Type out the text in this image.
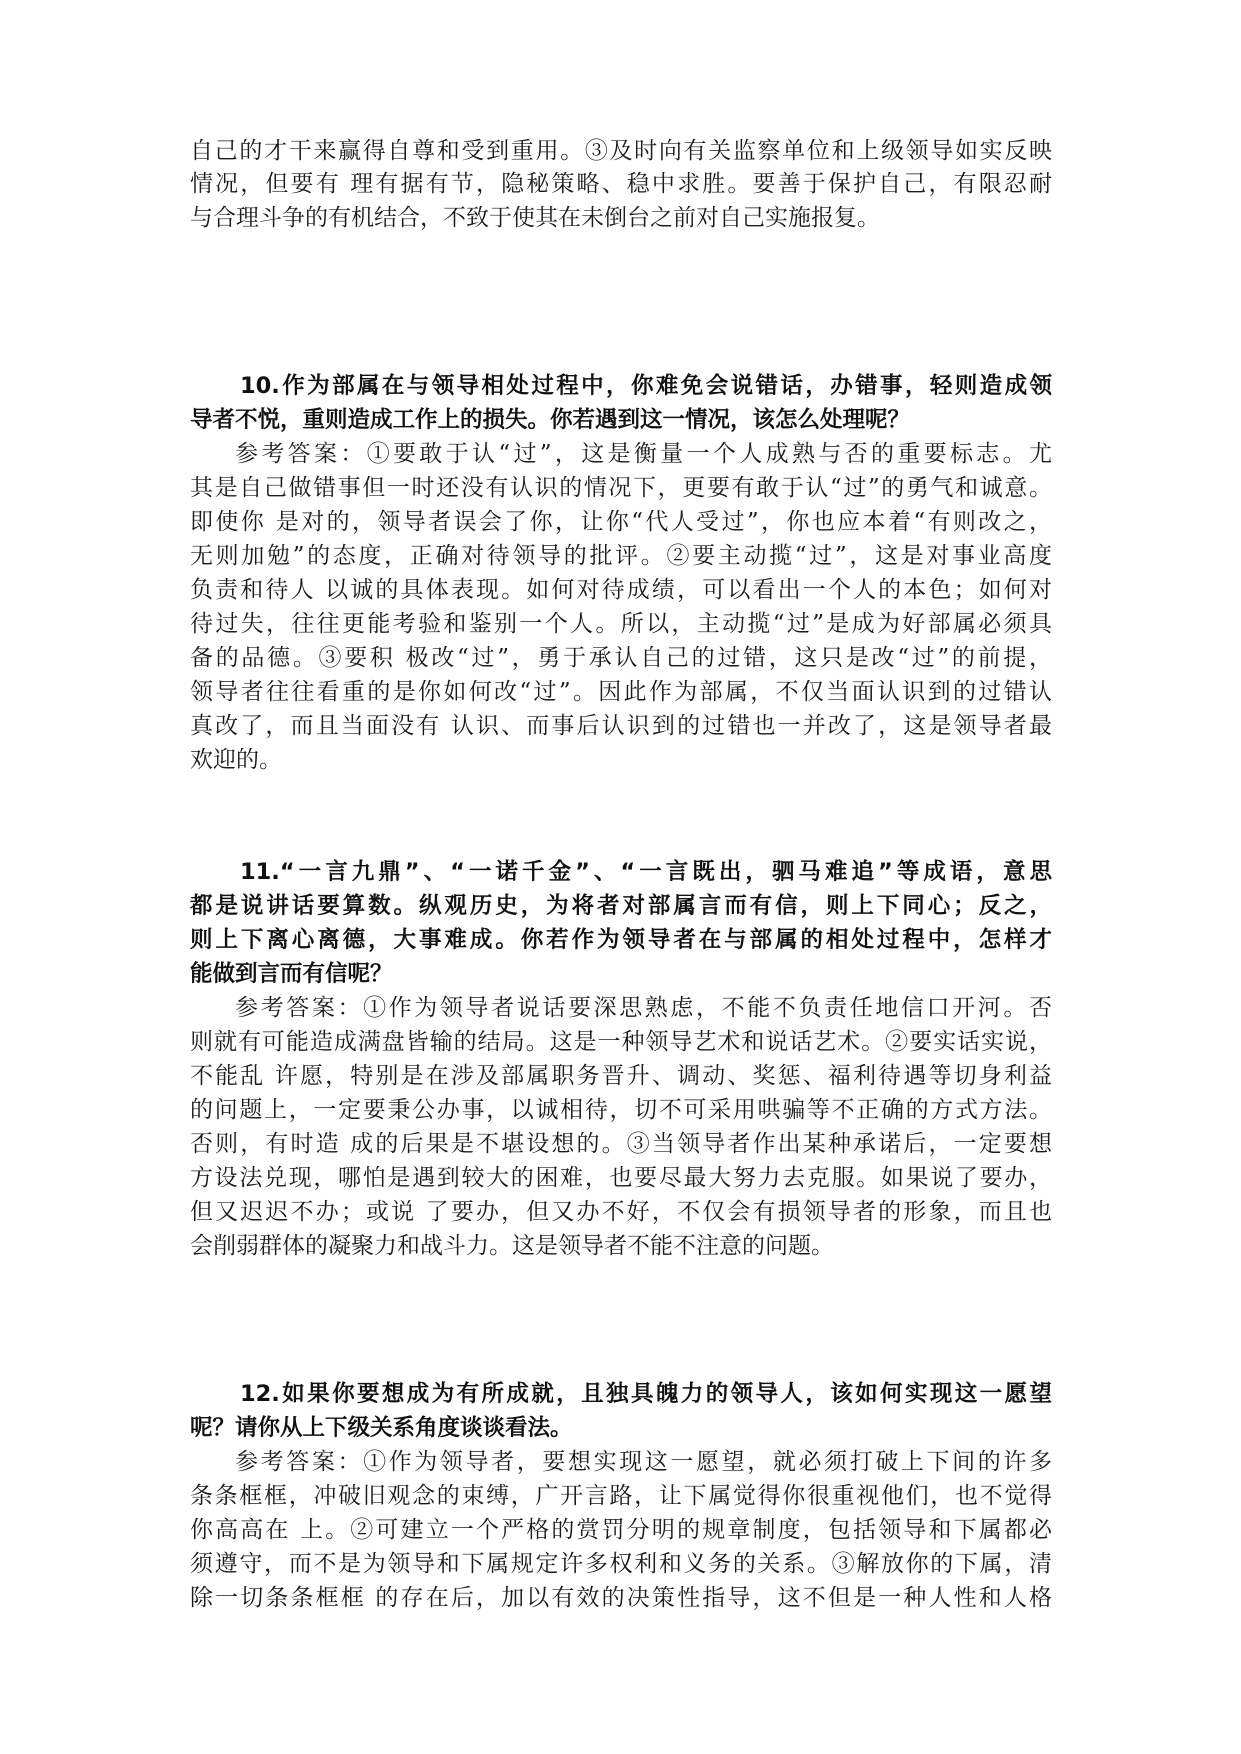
自己的才干来赢得自尊和受到重用。③及时向有关监察单位和上级领导如实反映

情况，但要有 理有据有节，隐秘策略、稳中求胜。要善于保护自己，有限忍耐

与合理斗争的有机结合，不致于使其在未倒台之前对自己实施报复。

10.作为部属在与领导相处过程中，你难免会说错话，办错事，轻则造成领

导者不悦，重则造成工作上的损失。你若遇到这一情况，该怎么处理呢？

参考答案：①要敢于认“过”，这是衡量一个人成熟与否的重要标志。尤

其是自己做错事但一时还没有认识的情况下，更要有敢于认“过”的勇气和诚意。

即使你 是对的，领导者误会了你，让你“代人受过”，你也应本着“有则改之，

无则加勉”的态度，正确对待领导的批评。②要主动揽“过”，这是对事业高度

负责和待人 以诚的具体表现。如何对待成绩，可以看出一个人的本色；如何对

待过失，往往更能考验和鉴别一个人。所以，主动揽“过”是成为好部属必须具

备的品德。③要积 极改“过”，勇于承认自己的过错，这只是改“过”的前提，

领导者往往看重的是你如何改“过”。因此作为部属，不仅当面认识到的过错认

真改了，而且当面没有 认识、而事后认识到的过错也一并改了，这是领导者最

欢迎的。

11.“一言九鼎”、“一诺千金”、“一言既出，驷马难追”等成语，意思

都是说讲话要算数。纵观历史，为将者对部属言而有信，则上下同心；反之，

则上下离心离德，大事难成。你若作为领导者在与部属的相处过程中，怎样才

能做到言而有信呢？

参考答案：①作为领导者说话要深思熟虑，不能不负责任地信口开河。否

则就有可能造成满盘皆输的结局。这是一种领导艺术和说话艺术。②要实话实说，

不能乱 许愿，特别是在涉及部属职务晋升、调动、奖惩、福利待遇等切身利益

的问题上，一定要秉公办事，以诚相待，切不可采用哄骗等不正确的方式方法。

否则，有时造 成的后果是不堪设想的。③当领导者作出某种承诺后，一定要想

方设法兑现，哪怕是遇到较大的困难，也要尽最大努力去克服。如果说了要办，

但又迟迟不办；或说 了要办，但又办不好，不仅会有损领导者的形象，而且也

会削弱群体的凝聚力和战斗力。这是领导者不能不注意的问题。

12.如果你要想成为有所成就，且独具魄力的领导人，该如何实现这一愿望

呢？请你从上下级关系角度谈谈看法。

参考答案：①作为领导者，要想实现这一愿望，就必须打破上下间的许多

条条框框，冲破旧观念的束缚，广开言路，让下属觉得你很重视他们，也不觉得

你高高在 上。②可建立一个严格的赏罚分明的规章制度，包括领导和下属都必

须遵守，而不是为领导和下属规定许多权利和义务的关系。③解放你的下属，清

除一切条条框框 的存在后，加以有效的决策性指导，这不但是一种人性和人格
